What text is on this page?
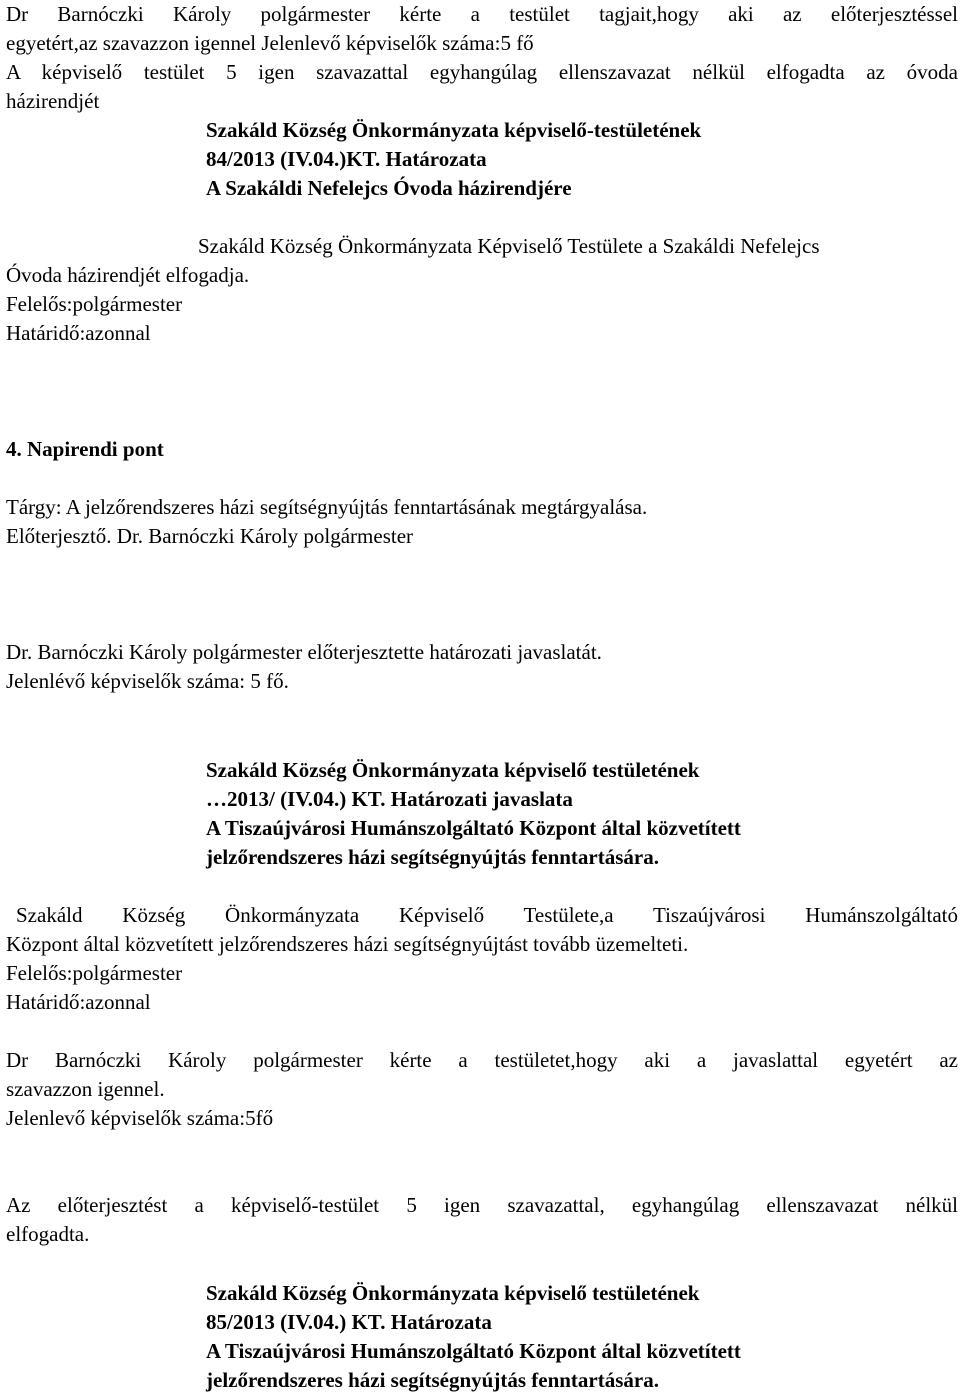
Dr Barnóczki Károly polgármester kérte a testület tagjait,hogy aki az előterjesztéssel
egyetért,az szavazzon igennel Jelenlevő képviselők száma:5 fő
A képviselő testület 5 igen szavazattal egyhangúlag ellenszavazat nélkül elfogadta az óvoda
házirendjét
Szakáld Község Önkormányzata képviselő-testületének
84/2013 (IV.04.)KT. Határozata
A Szakáldi Nefelejcs Óvoda házirendjére
Szakáld Község Önkormányzata Képviselő Testülete a Szakáldi Nefelejcs
Óvoda házirendjét elfogadja.
Felelős:polgármester
Határidő:azonnal
4. Napirendi pont
Tárgy: A jelzőrendszeres házi segítségnyújtás fenntartásának megtárgyalása.
Előterjesztő. Dr. Barnóczki Károly polgármester
Dr. Barnóczki Károly polgármester előterjesztette határozati javaslatát.
Jelenlévő képviselők száma: 5 fő.
Szakáld Község Önkormányzata képviselő testületének
…2013/ (IV.04.) KT. Határozati javaslata
A Tiszaújvárosi Humánszolgáltató Központ által közvetített
jelzőrendszeres házi segítségnyújtás fenntartására.
Szakáld Község Önkormányzata Képviselő Testülete,a Tiszaújvárosi Humánszolgáltató
Központ által közvetített jelzőrendszeres házi segítségnyújtást tovább üzemelteti.
Felelős:polgármester
Határidő:azonnal
Dr Barnóczki Károly polgármester kérte a testületet,hogy aki a javaslattal egyetért az
szavazzon igennel.
Jelenlevő képviselők száma:5fő
Az előterjesztést a képviselő-testület 5 igen szavazattal, egyhangúlag ellenszavazat nélkül
elfogadta.
Szakáld Község Önkormányzata képviselő testületének
85/2013 (IV.04.) KT. Határozata
A Tiszaújvárosi Humánszolgáltató Központ által közvetített
jelzőrendszeres házi segítségnyújtás fenntartására.
